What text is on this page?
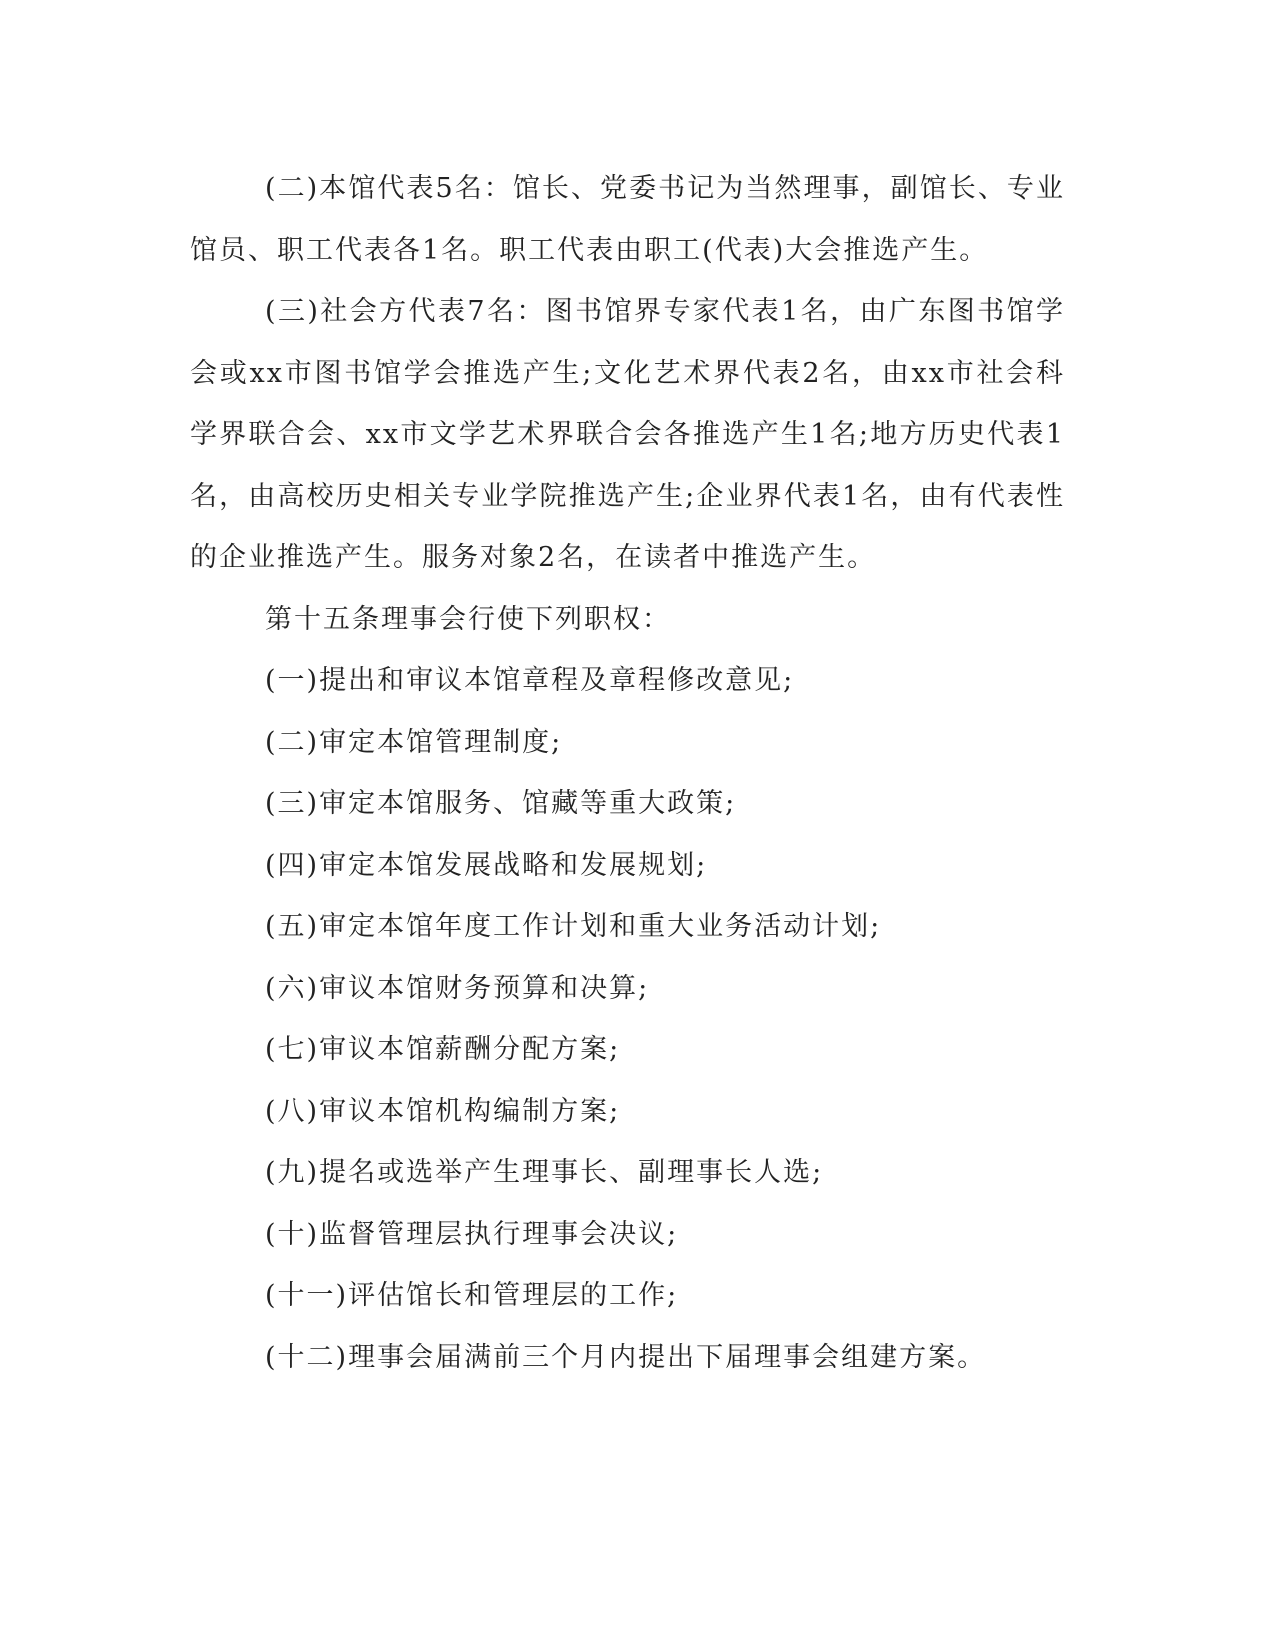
(二)本馆代表5名：馆长、党委书记为当然理事，副馆长、专业馆员、职工代表各1名。职工代表由职工(代表)大会推选产生。

(三)社会方代表7名：图书馆界专家代表1名，由广东图书馆学会或xx市图书馆学会推选产生;文化艺术界代表2名，由xx市社会科学界联合会、xx市文学艺术界联合会各推选产生1名;地方历史代表1名，由高校历史相关专业学院推选产生;企业界代表1名，由有代表性的企业推选产生。服务对象2名，在读者中推选产生。

第十五条理事会行使下列职权：

(一)提出和审议本馆章程及章程修改意见;

(二)审定本馆管理制度;

(三)审定本馆服务、馆藏等重大政策;

(四)审定本馆发展战略和发展规划;

(五)审定本馆年度工作计划和重大业务活动计划;

(六)审议本馆财务预算和决算;

(七)审议本馆薪酬分配方案;

(八)审议本馆机构编制方案;

(九)提名或选举产生理事长、副理事长人选;

(十)监督管理层执行理事会决议;

(十一)评估馆长和管理层的工作;

(十二)理事会届满前三个月内提出下届理事会组建方案。
